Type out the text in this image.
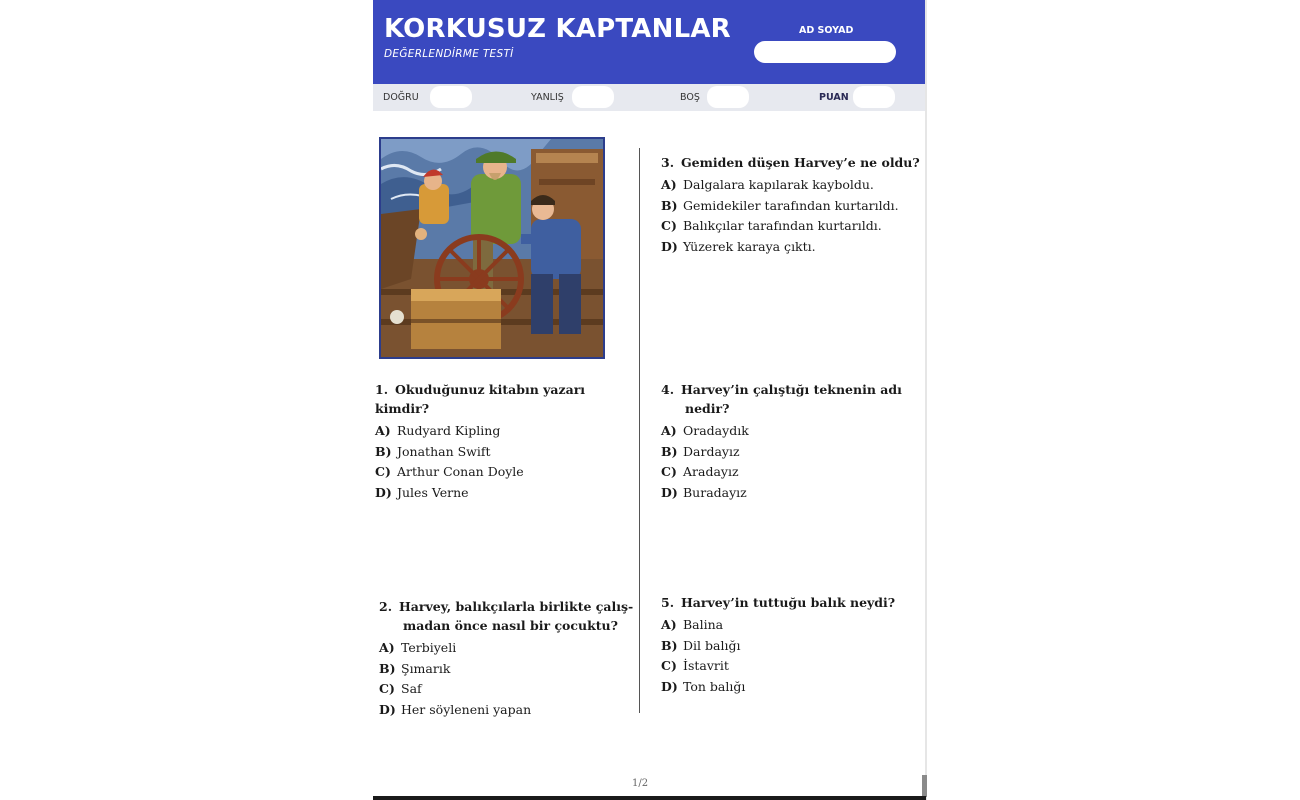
KORKUSUZ KAPTANLAR
DEĞERLENDİRME TESTİ
AD SOYAD
DOĞRU	YANLIŞ	BOŞ	PUAN
1. Okuduğunuz kitabın yazarı kimdir?
A) Rudyard Kipling
B) Jonathan Swift
C) Arthur Conan Doyle
D) Jules Verne
2. Harvey, balıkçılarla birlikte çalış-
madan önce nasıl bir çocuktu?
A) Terbiyeli
B) Şımarık
C) Saf
D) Her söyleneni yapan
3. Gemiden düşen Harvey’e ne oldu?
A) Dalgalara kapılarak kayboldu.
B) Gemidekiler tarafından kurtarıldı.
C) Balıkçılar tarafından kurtarıldı.
D) Yüzerek karaya çıktı.
4. Harvey’in çalıştığı teknenin adı
nedir?
A) Oradaydık
B) Dardayız
C) Aradayız
D) Buradayız
5. Harvey’in tuttuğu balık neydi?
A) Balina
B) Dil balığı
C) İstavrit
D) Ton balığı
1/2
